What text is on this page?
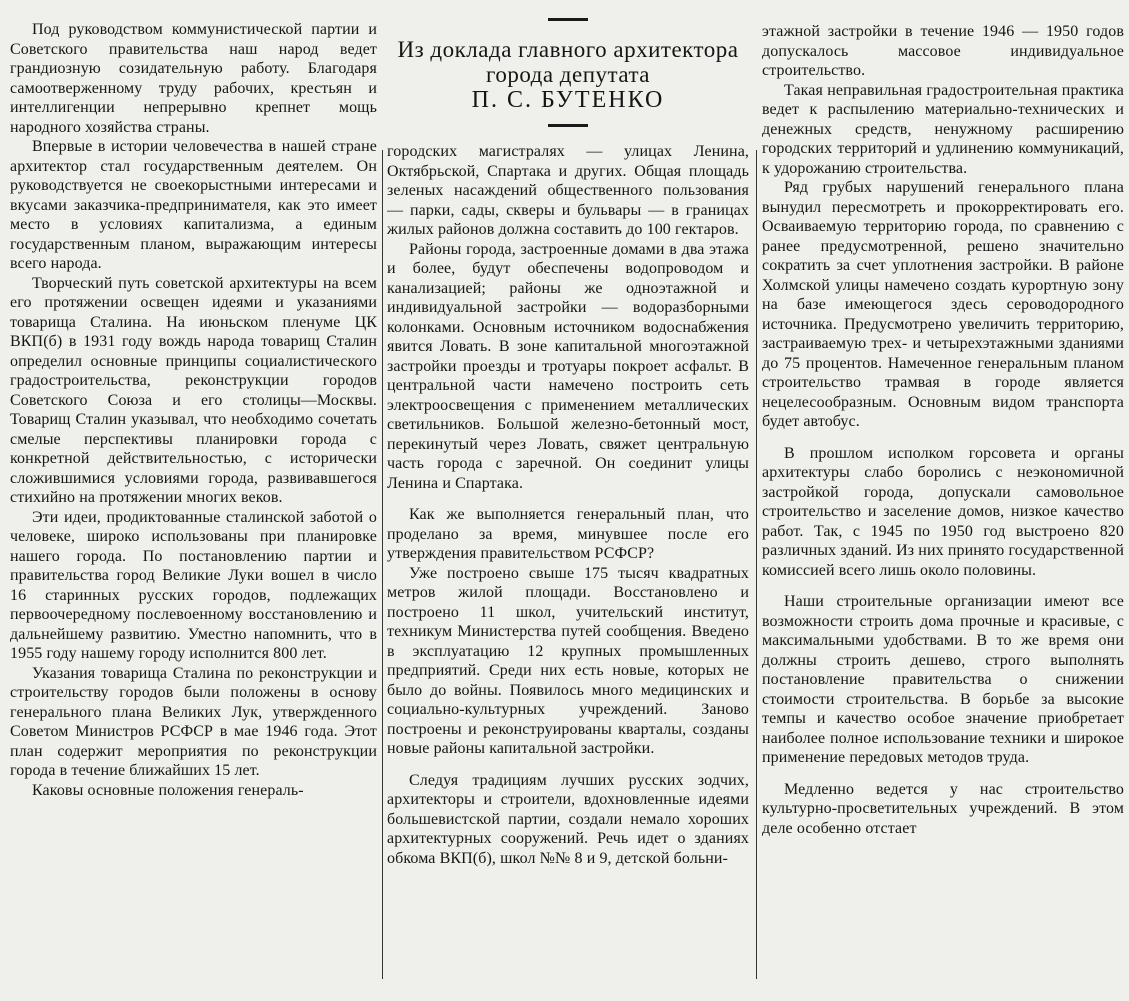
Под руководством коммунистической партии и Советского правительства наш народ ведет грандиозную созидательную работу. Благодаря самоотверженному труду рабочих, крестьян и интеллигенции непрерывно крепнет мощь народного хозяйства страны.

Впервые в истории человечества в нашей стране архитектор стал государственным деятелем. Он руководствуется не своекорыстными интересами и вкусами заказчика-предпринимателя, как это имеет место в условиях капитализма, а единым государственным планом, выражающим интересы всего народа.

Творческий путь советской архитектуры на всем его протяжении освещен идеями и указаниями товарища Сталина. На июньском пленуме ЦК ВКП(б) в 1931 году вождь народа товарищ Сталин определил основные принципы социалистического градостроительства, реконструкции городов Советского Союза и его столицы—Москвы. Товарищ Сталин указывал, что необходимо сочетать смелые перспективы планировки города с конкретной действительностью, с исторически сложившимися условиями города, развивавшегося стихийно на протяжении многих веков.

Эти идеи, продиктованные сталинской заботой о человеке, широко использованы при планировке нашего города. По постановлению партии и правительства город Великие Луки вошел в число 16 старинных русских городов, подлежащих первоочередному послевоенному восстановлению и дальнейшему развитию. Уместно напомнить, что в 1955 году нашему городу исполнится 800 лет.

Указания товарища Сталина по реконструкции и строительству городов были положены в основу генерального плана Великих Лук, утвержденного Советом Министров РСФСР в мае 1946 года. Этот план содержит мероприятия по реконструкции города в течение ближайших 15 лет.

Каковы основные положения генераль-

Из доклада главного архитектора города депутата
П. С. БУТЕНКО

городских магистралях — улицах Ленина, Октябрьской, Спартака и других. Общая площадь зеленых насаждений общественного пользования — парки, сады, скверы и бульвары — в границах жилых районов должна составить до 100 гектаров.

Районы города, застроенные домами в два этажа и более, будут обеспечены водопроводом и канализацией; районы же одноэтажной и индивидуальной застройки — водоразборными колонками. Основным источником водоснабжения явится Ловать. В зоне капитальной многоэтажной застройки проезды и тротуары покроет асфальт. В центральной части намечено построить сеть электроосвещения с применением металлических светильников. Большой железно-бетонный мост, перекинутый через Ловать, свяжет центральную часть города с заречной. Он соединит улицы Ленина и Спартака.

Как же выполняется генеральный план, что проделано за время, минувшее после его утверждения правительством РСФСР?

Уже построено свыше 175 тысяч квадратных метров жилой площади. Восстановлено и построено 11 школ, учительский институт, техникум Министерства путей сообщения. Введено в эксплуатацию 12 крупных промышленных предприятий. Среди них есть новые, которых не было до войны. Появилось много медицинских и социально-культурных учреждений. Заново построены и реконструированы кварталы, созданы новые районы капитальной застройки.

Следуя традициям лучших русских зодчих, архитекторы и строители, вдохновленные идеями большевистской партии, создали немало хороших архитектурных сооружений. Речь идет о зданиях обкома ВКП(б), школ №№ 8 и 9, детской больни-

этажной застройки в течение 1946 — 1950 годов допускалось массовое индивидуальное строительство.

Такая неправильная градостроительная практика ведет к распылению материально-технических и денежных средств, ненужному расширению городских территорий и удлинению коммуникаций, к удорожанию строительства.

Ряд грубых нарушений генерального плана вынудил пересмотреть и прокорректировать его. Осваиваемую территорию города, по сравнению с ранее предусмотренной, решено значительно сократить за счет уплотнения застройки. В районе Холмской улицы намечено создать курортную зону на базе имеющегося здесь сероводородного источника. Предусмотрено увеличить территорию, застраиваемую трех- и четырехэтажными зданиями до 75 процентов. Намеченное генеральным планом строительство трамвая в городе является нецелесообразным. Основным видом транспорта будет автобус.

В прошлом исполком горсовета и органы архитектуры слабо боролись с неэкономичной застройкой города, допускали самовольное строительство и заселение домов, низкое качество работ. Так, с 1945 по 1950 год выстроено 820 различных зданий. Из них принято государственной комиссией всего лишь около половины.

Наши строительные организации имеют все возможности строить дома прочные и красивые, с максимальными удобствами. В то же время они должны строить дешево, строго выполнять постановление правительства о снижении стоимости строительства. В борьбе за высокие темпы и качество особое значение приобретает наиболее полное использование техники и широкое применение передовых методов труда.

Медленно ведется у нас строительство культурно-просветительных учреждений. В этом деле особенно отстает
